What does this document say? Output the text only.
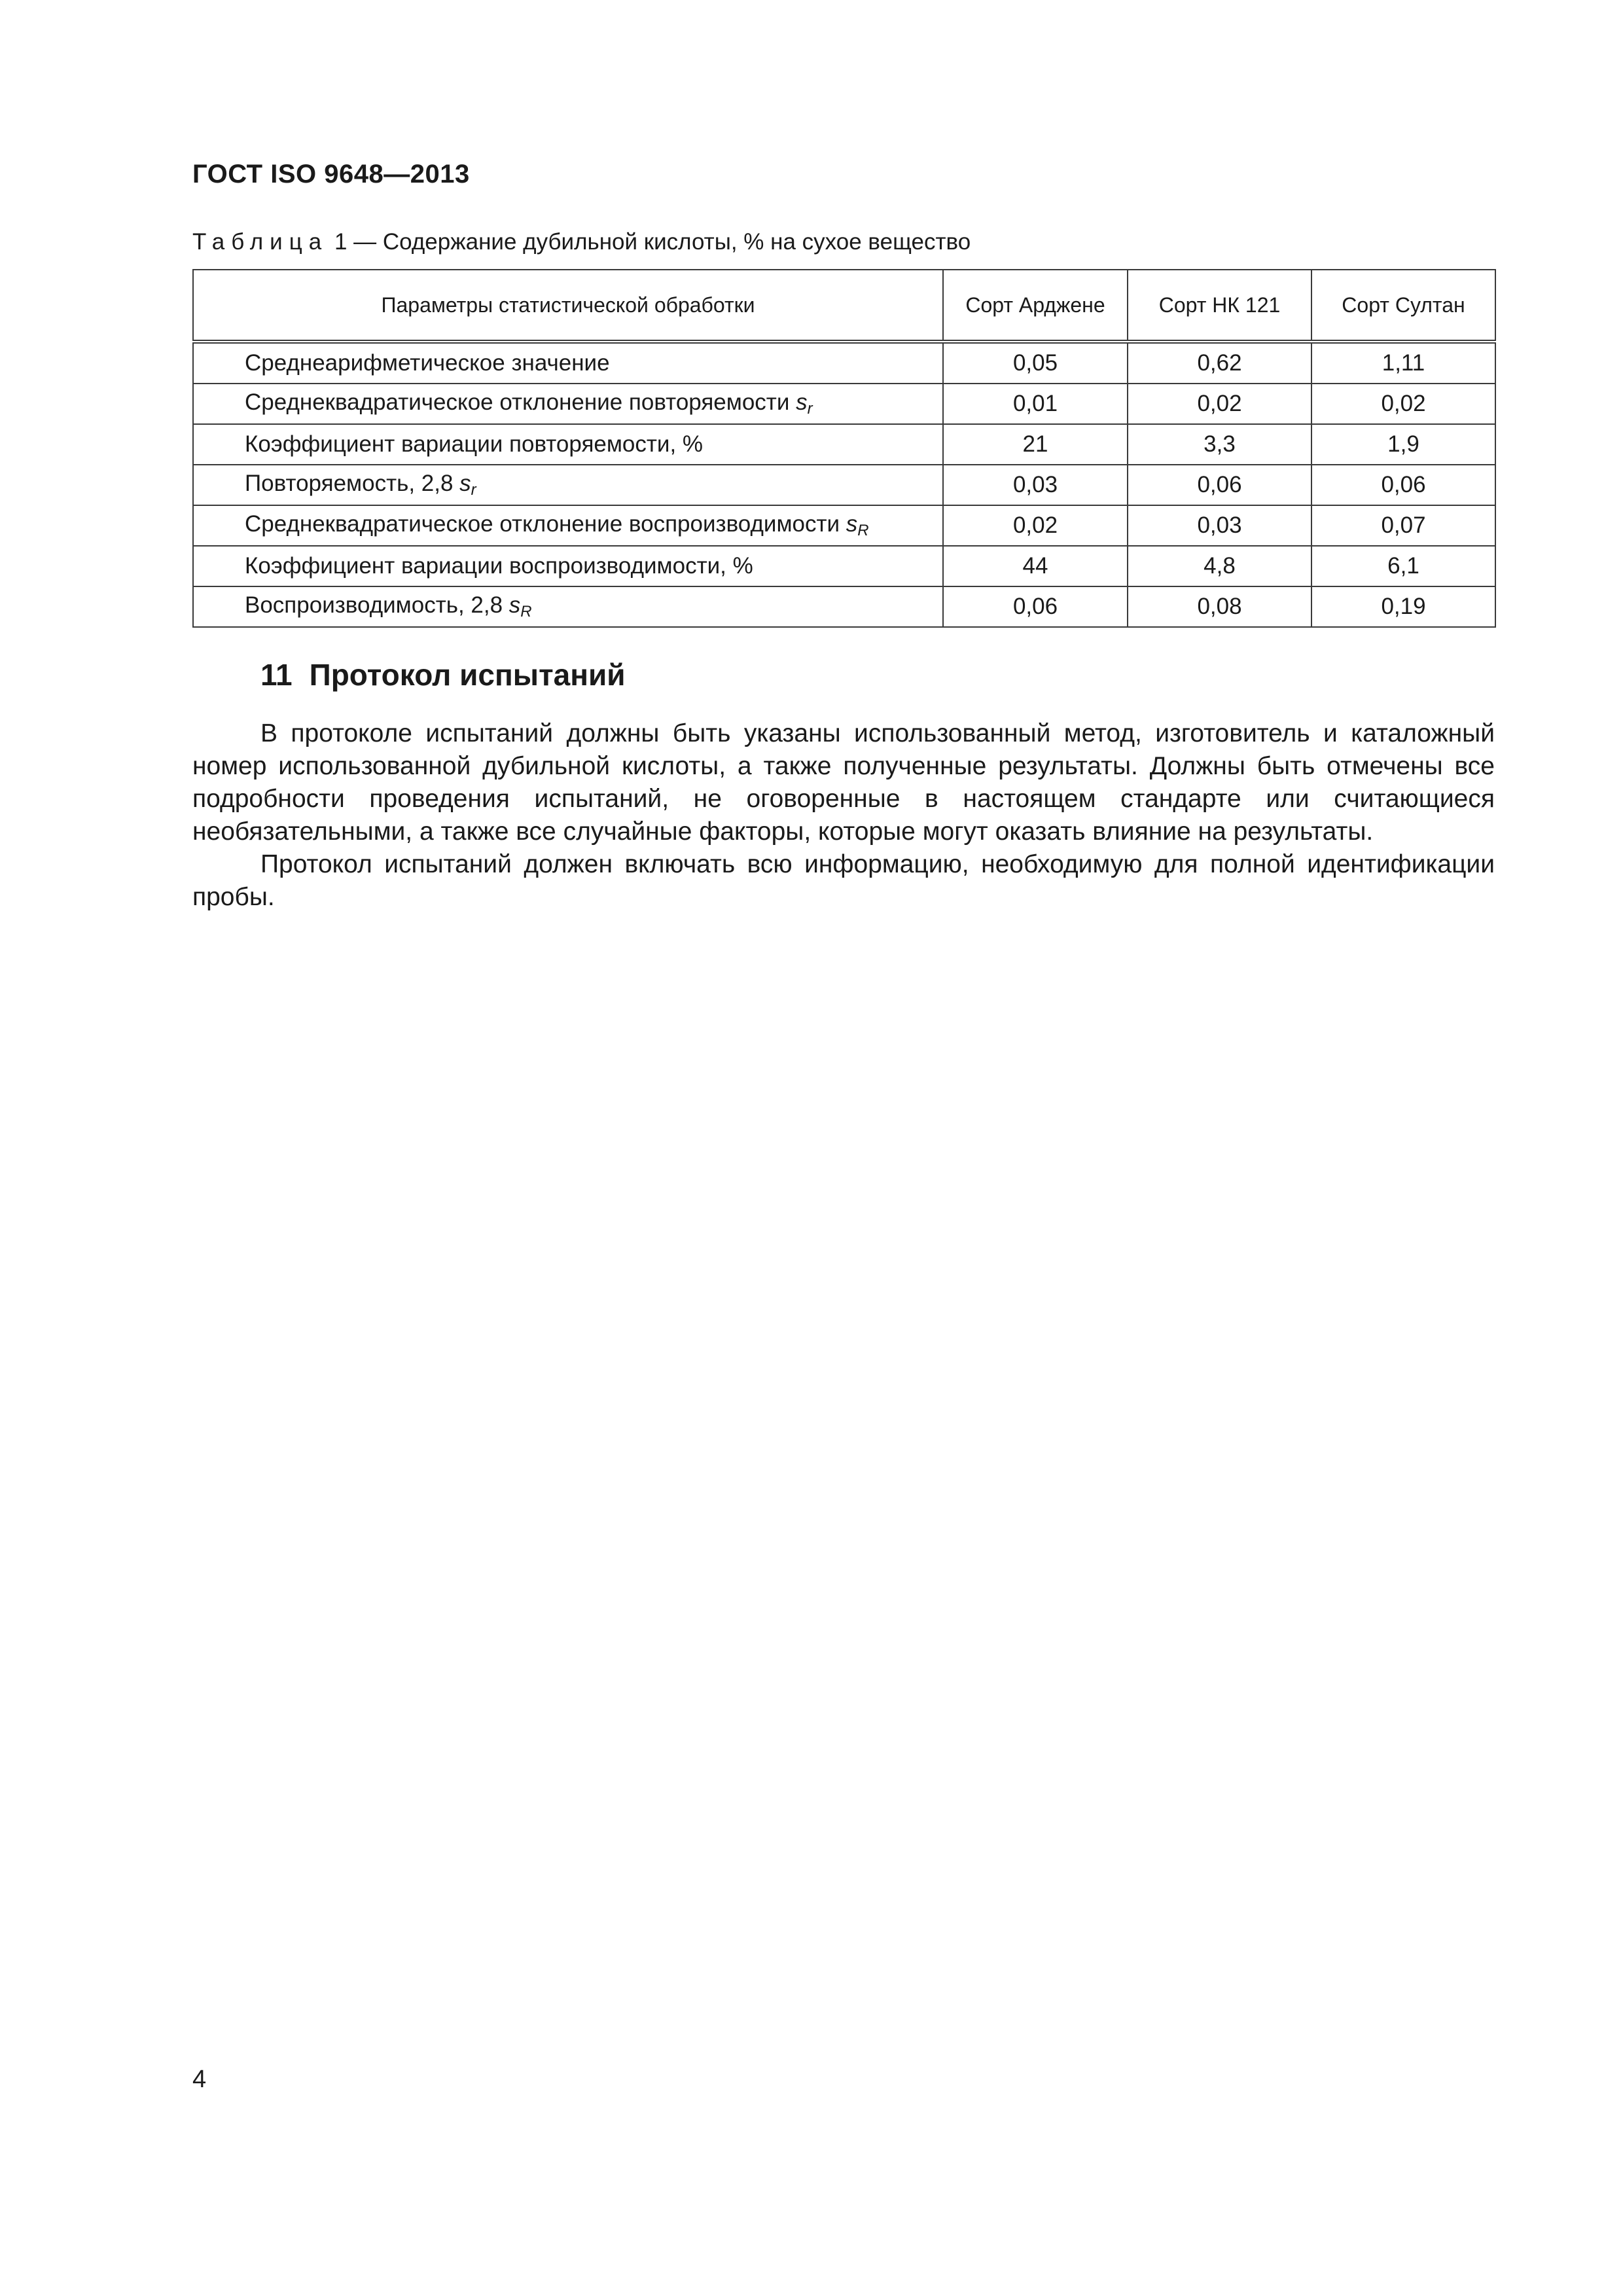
ГОСТ ISO 9648—2013
Таблица 1 — Содержание дубильной кислоты, % на сухое вещество
Параметры статистической обработки	Сорт Арджене	Сорт НК 121	Сорт Султан
Среднеарифметическое значение	0,05	0,62	1,11
Среднеквадратическое отклонение повторяемости $s_r$	0,01	0,02	0,02
Коэффициент вариации повторяемости, %	21	3,3	1,9
Повторяемость, 2,8 $s_r$	0,03	0,06	0,06
Среднеквадратическое отклонение воспроизводимости $s_R$	0,02	0,03	0,07
Коэффициент вариации воспроизводимости, %	44	4,8	6,1
Воспроизводимость, 2,8 $s_R$	0,06	0,08	0,19
11 Протокол испытаний

В протоколе испытаний должны быть указаны использованный метод, изготовитель и каталожный номер использованной дубильной кислоты, а также полученные результаты. Должны быть отмечены все подробности проведения испытаний, не оговоренные в настоящем стандарте или считающиеся необязательными, а также все случайные факторы, которые могут оказать влияние на результаты.

Протокол испытаний должен включать всю информацию, необходимую для полной идентификации пробы.

4
